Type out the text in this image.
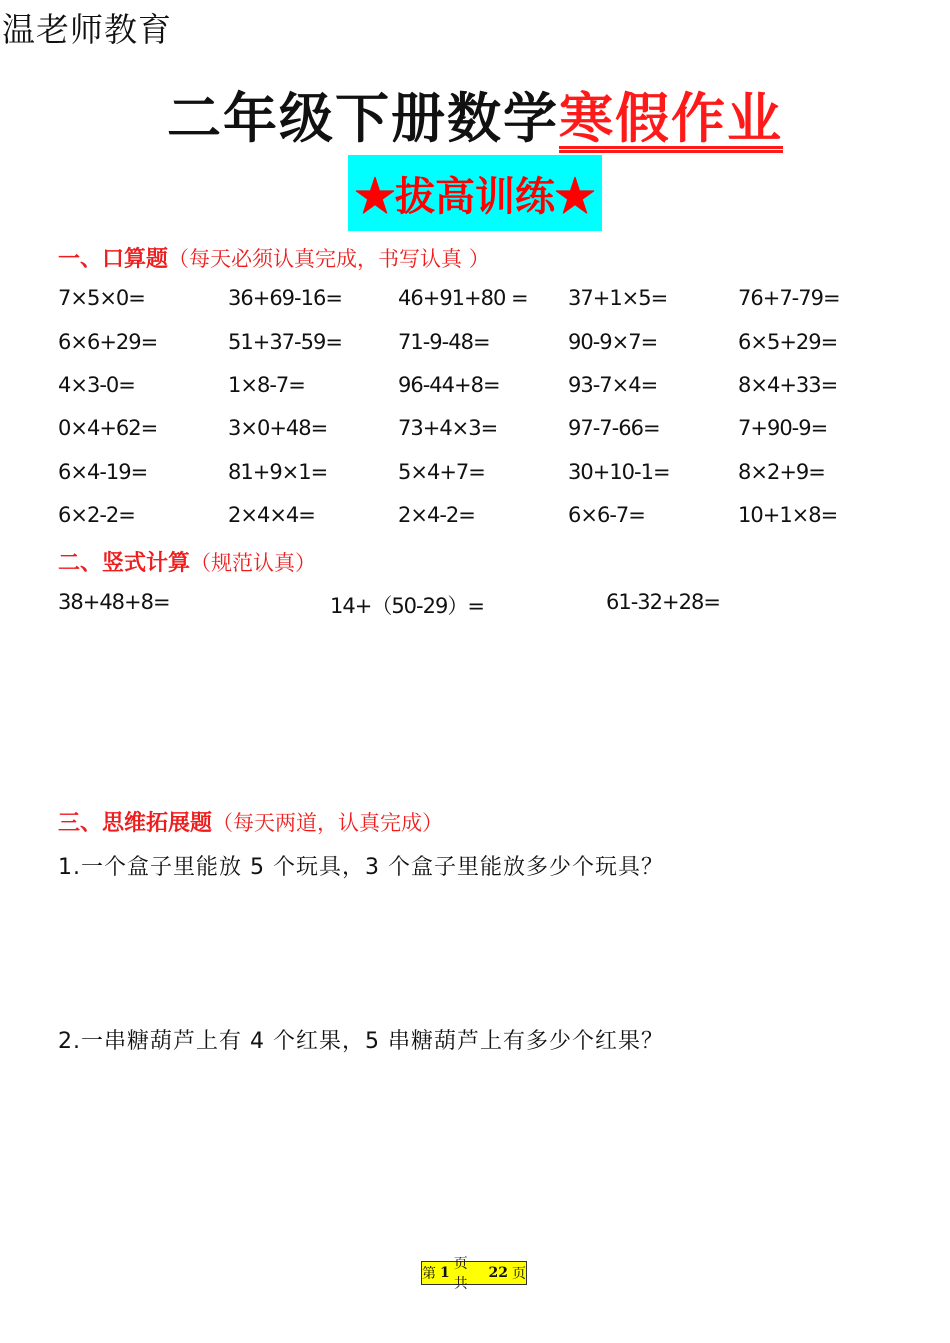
温老师教育
二年级下册数学寒假作业
★拔高训练★
一、口算题（每天必须认真完成，书写认真 ）
7×5×0=	36+69-16=	46+91+80 = 37+1×5=	76+7-79=
6×6+29=	51+37-59=	71-9-48=	90-9×7=	6×5+29=
4×3-0=	1×8-7=	96-44+8=	93-7×4=	8×4+33=
0×4+62=	3×0+48=	73+4×3=	97-7-66=	7+90-9=
6×4-19=	81+9×1=	5×4+7=	30+10-1=	8×2+9=
6×2-2=	2×4×4=	2×4-2=	6×6-7=	10+1×8=
二、竖式计算（规范认真）
38+48+8=	14+（50-29）=	61-32+28=
三、思维拓展题（每天两道，认真完成）
1.一个盒子里能放 5 个玩具，3 个盒子里能放多少个玩具？
2.一串糖葫芦上有 4 个红果，5 串糖葫芦上有多少个红果？
第 1
页 共
22 页
